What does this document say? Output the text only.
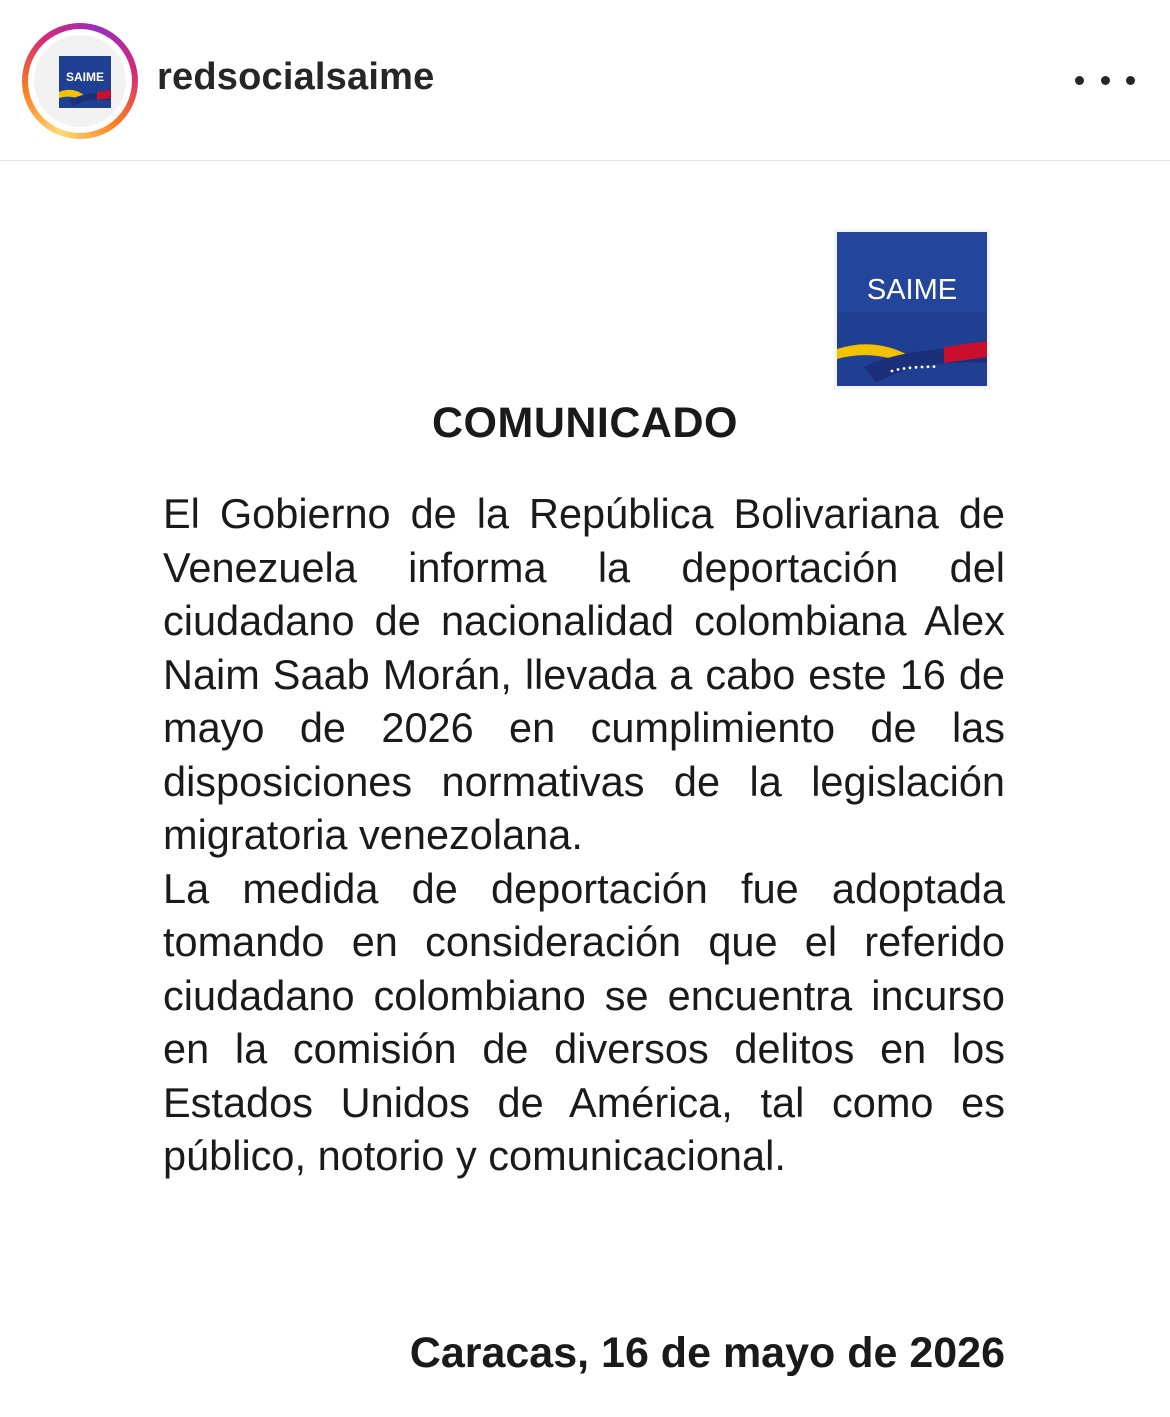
SAIME redsocialsaime
SAIME
COMUNICADO

El Gobierno de la República Bolivariana de Venezuela informa la deportación del ciudadano de nacionalidad colombiana Alex Naim Saab Morán, llevada a cabo este 16 de mayo de 2026 en cumplimiento de las disposiciones normativas de la legislación migratoria venezolana.

La medida de deportación fue adoptada tomando en consideración que el referido ciudadano colombiano se encuentra incurso en la comisión de diversos delitos en los Estados Unidos de América, tal como es público, notorio y comunicacional.

Caracas, 16 de mayo de 2026
